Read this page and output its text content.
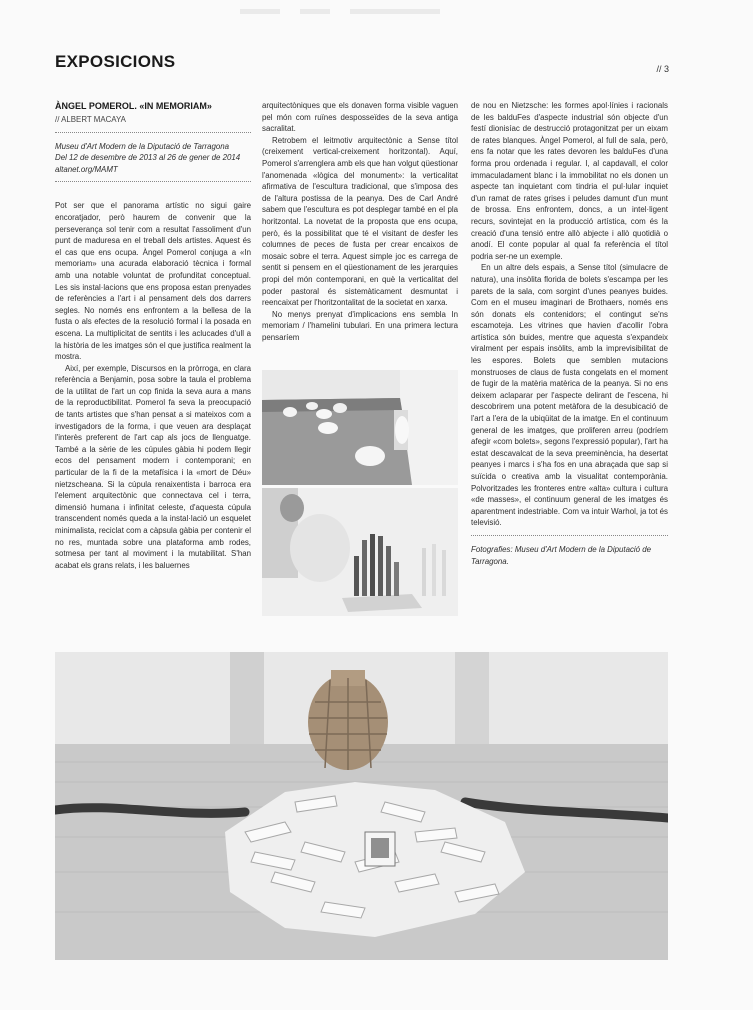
EXPOSICIONS	// 3
ÀNGEL POMEROL. «IN MEMORIAM»
// ALBERT MACAYA

Museu d'Art Modern de la Diputació de Tarragona

Del 12 de desembre de 2013 al 26 de gener de 2014

altanet.org/MAMT

Pot ser que el panorama artístic no sigui gaire encoratjador, però haurem de convenir que la perseverança sol tenir com a resultat l'assoliment d'un punt de maduresa en el treball dels artistes. Aquest és el cas que ens ocupa. Àngel Pomerol conjuga a «In memoriam» una acurada elaboració tècnica i formal amb una notable voluntat de profunditat conceptual. Les sis instal·lacions que ens proposa estan prenyades de referències a l'art i al pensament dels dos darrers segles. No només ens enfrontem a la bellesa de la fusta o als efectes de la resolució formal i la posada en escena. La multiplicitat de sentits i les aclucades d'ull a la història de les imatges són el que justifica realment la mostra.

Així, per exemple, Discursos en la pròrroga, en clara referència a Benjamin, posa sobre la taula el problema de la utilitat de l'art un cop finida la seva aura a mans de la reproductibilitat. Pomerol fa seva la preocupació de tants artistes que s'han pensat a si mateixos com a investigadors de la forma, i que veuen ara desplaçat l'interès preferent de l'art cap als jocs de llenguatge. També a la sèrie de les cúpules gàbia hi podem llegir ecos del pensament modern i contemporani; en particular de la fi de la metafísica i la «mort de Déu» nietzscheana. Si la cúpula renaixentista i barroca era l'element arquitectònic que connectava cel i terra, dimensió humana i infinitat celeste, d'aquesta cúpula transcendent només queda a la instal·lació un esquelet minimalista, reciclat com a càpsula gàbia per contenir el no res, muntada sobre una plataforma amb rodes, sotmesa per tant al moviment i la mutabilitat. S'han acabat els grans relats, i les baluernes

arquitectòniques que els donaven forma visible vaguen pel món com ruïnes desposseïdes de la seva antiga sacralitat.

Retrobem el leitmotiv arquitectònic a Sense títol (creixement vertical-creixement horitzontal). Aquí, Pomerol s'arrenglera amb els que han volgut qüestionar l'anomenada «lògica del monument»: la verticalitat afirmativa de l'escultura tradicional, que s'imposa des de l'altura postissa de la peanya. Des de Carl André sabem que l'escultura es pot desplegar també en el pla horitzontal. La novetat de la proposta que ens ocupa, però, és la possibilitat que té el visitant de desfer les columnes de peces de fusta per crear encaixos de mosaic sobre el terra. Aquest simple joc es carrega de sentit si pensem en el qüestionament de les jerarquies propi del món contemporani, en què la verticalitat del poder pastoral és sistemàticament desmuntat i reencaixat per l'horitzontalitat de la societat en xarxa.

No menys prenyat d'implicacions ens sembla In memoriam / l'hamelini tubulari. En una primera lectura pensaríem

de nou en Nietzsche: les formes apol·línies i racionals de les balduFes d'aspecte industrial són objecte d'un festí dionisíac de destrucció protagonitzat per un eixam de rates blanques. Àngel Pomerol, al full de sala, però, ens fa notar que les rates devoren les balduFes d'una forma prou ordenada i regular. I, al capdavall, el color immaculadament blanc i la immobilitat no els donen un aspecte tan inquietant com tindria el pul·lular inquiet d'un ramat de rates grises i peludes damunt d'un munt de brossa. Ens enfrontem, doncs, a un intel·ligent recurs, sovintejat en la producció artística, com és la creació d'una tensió entre allò abjecte i allò quotidià o anodí. El conte popular al qual fa referència el títol podria ser-ne un exemple.

En un altre dels espais, a Sense títol (simulacre de natura), una insòlita florida de bolets s'escampa per les parets de la sala, com sorgint d'unes peanyes buides. Com en el museu imaginari de Brothaers, només ens són donats els contenidors; el contingut se'ns escamoteja. Les vitrines que havien d'acollir l'obra artística són buides, mentre que aquesta s'expandeix viralment per espais insòlits, amb la imprevisibilitat de les espores. Bolets que semblen mutacions monstruoses de claus de fusta congelats en el moment de fugir de la matèria matèrica de la peanya. Si no ens deixem aclaparar per l'aspecte delirant de l'escena, hi descobrirem una potent metàfora de la desubicació de l'art a l'era de la ubiqüitat de la imatge. En el continuum general de les imatges, que proliferen arreu (podríem afegir «com bolets», segons l'expressió popular), l'art ha estat descavalcat de la seva preeminència, ha desertat peanyes i marcs i s'ha fos en una abraçada que sap si suïcida o creativa amb la visualitat contemporània. Polvoritzades les fronteres entre «alta» cultura i cultura «de masses», el continuum general de les imatges és aparentment indestriable. Com va intuir Warhol, ja tot és televisió.

Fotografies: Museu d'Art Modern de la Diputació de Tarragona.
